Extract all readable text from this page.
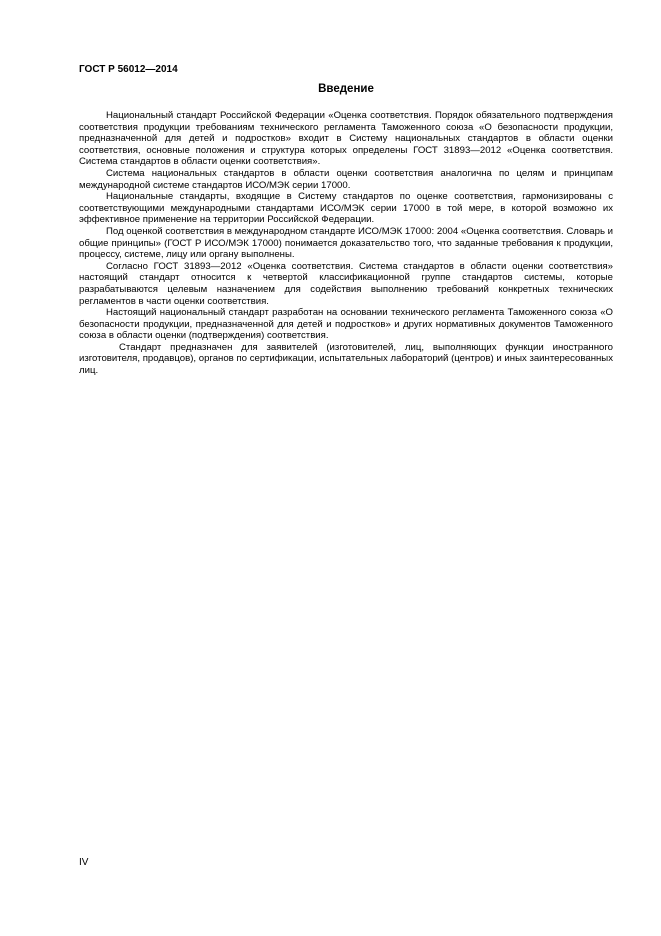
ГОСТ Р 56012—2014
Введение

Национальный стандарт Российской Федерации «Оценка соответствия. Порядок обязательного подтверждения соответствия продукции требованиям технического регламента Таможенного союза «О безопасности продукции, предназначенной для детей и подростков» входит в Систему национальных стандартов в области оценки соответствия, основные положения и структура которых определены ГОСТ 31893—2012 «Оценка соответствия. Система стандартов в области оценки соответствия».

Система национальных стандартов в области оценки соответствия аналогична по целям и принципам международной системе стандартов ИСО/МЭК серии 17000.

Национальные стандарты, входящие в Систему стандартов по оценке соответствия, гармонизированы с соответствующими международными стандартами ИСО/МЭК серии 17000 в той мере, в которой возможно их эффективное применение на территории Российской Федерации.

Под оценкой соответствия в международном стандарте ИСО/МЭК 17000: 2004 «Оценка соответствия. Словарь и общие принципы» (ГОСТ Р ИСО/МЭК 17000) понимается доказательство того, что заданные требования к продукции, процессу, системе, лицу или органу выполнены.

Согласно ГОСТ 31893—2012 «Оценка соответствия. Система стандартов в области оценки соответствия» настоящий стандарт относится к четвертой классификационной группе стандартов системы, которые разрабатываются целевым назначением для содействия выполнению требований конкретных технических регламентов в части оценки соответствия.

Настоящий национальный стандарт разработан на основании технического регламента Таможенного союза «О безопасности продукции, предназначенной для детей и подростков» и других нормативных документов Таможенного союза в области оценки (подтверждения) соответствия.

Стандарт предназначен для заявителей (изготовителей, лиц, выполняющих функции иностранного изготовителя, продавцов), органов по сертификации, испытательных лабораторий (центров) и иных заинтересованных лиц.

IV
